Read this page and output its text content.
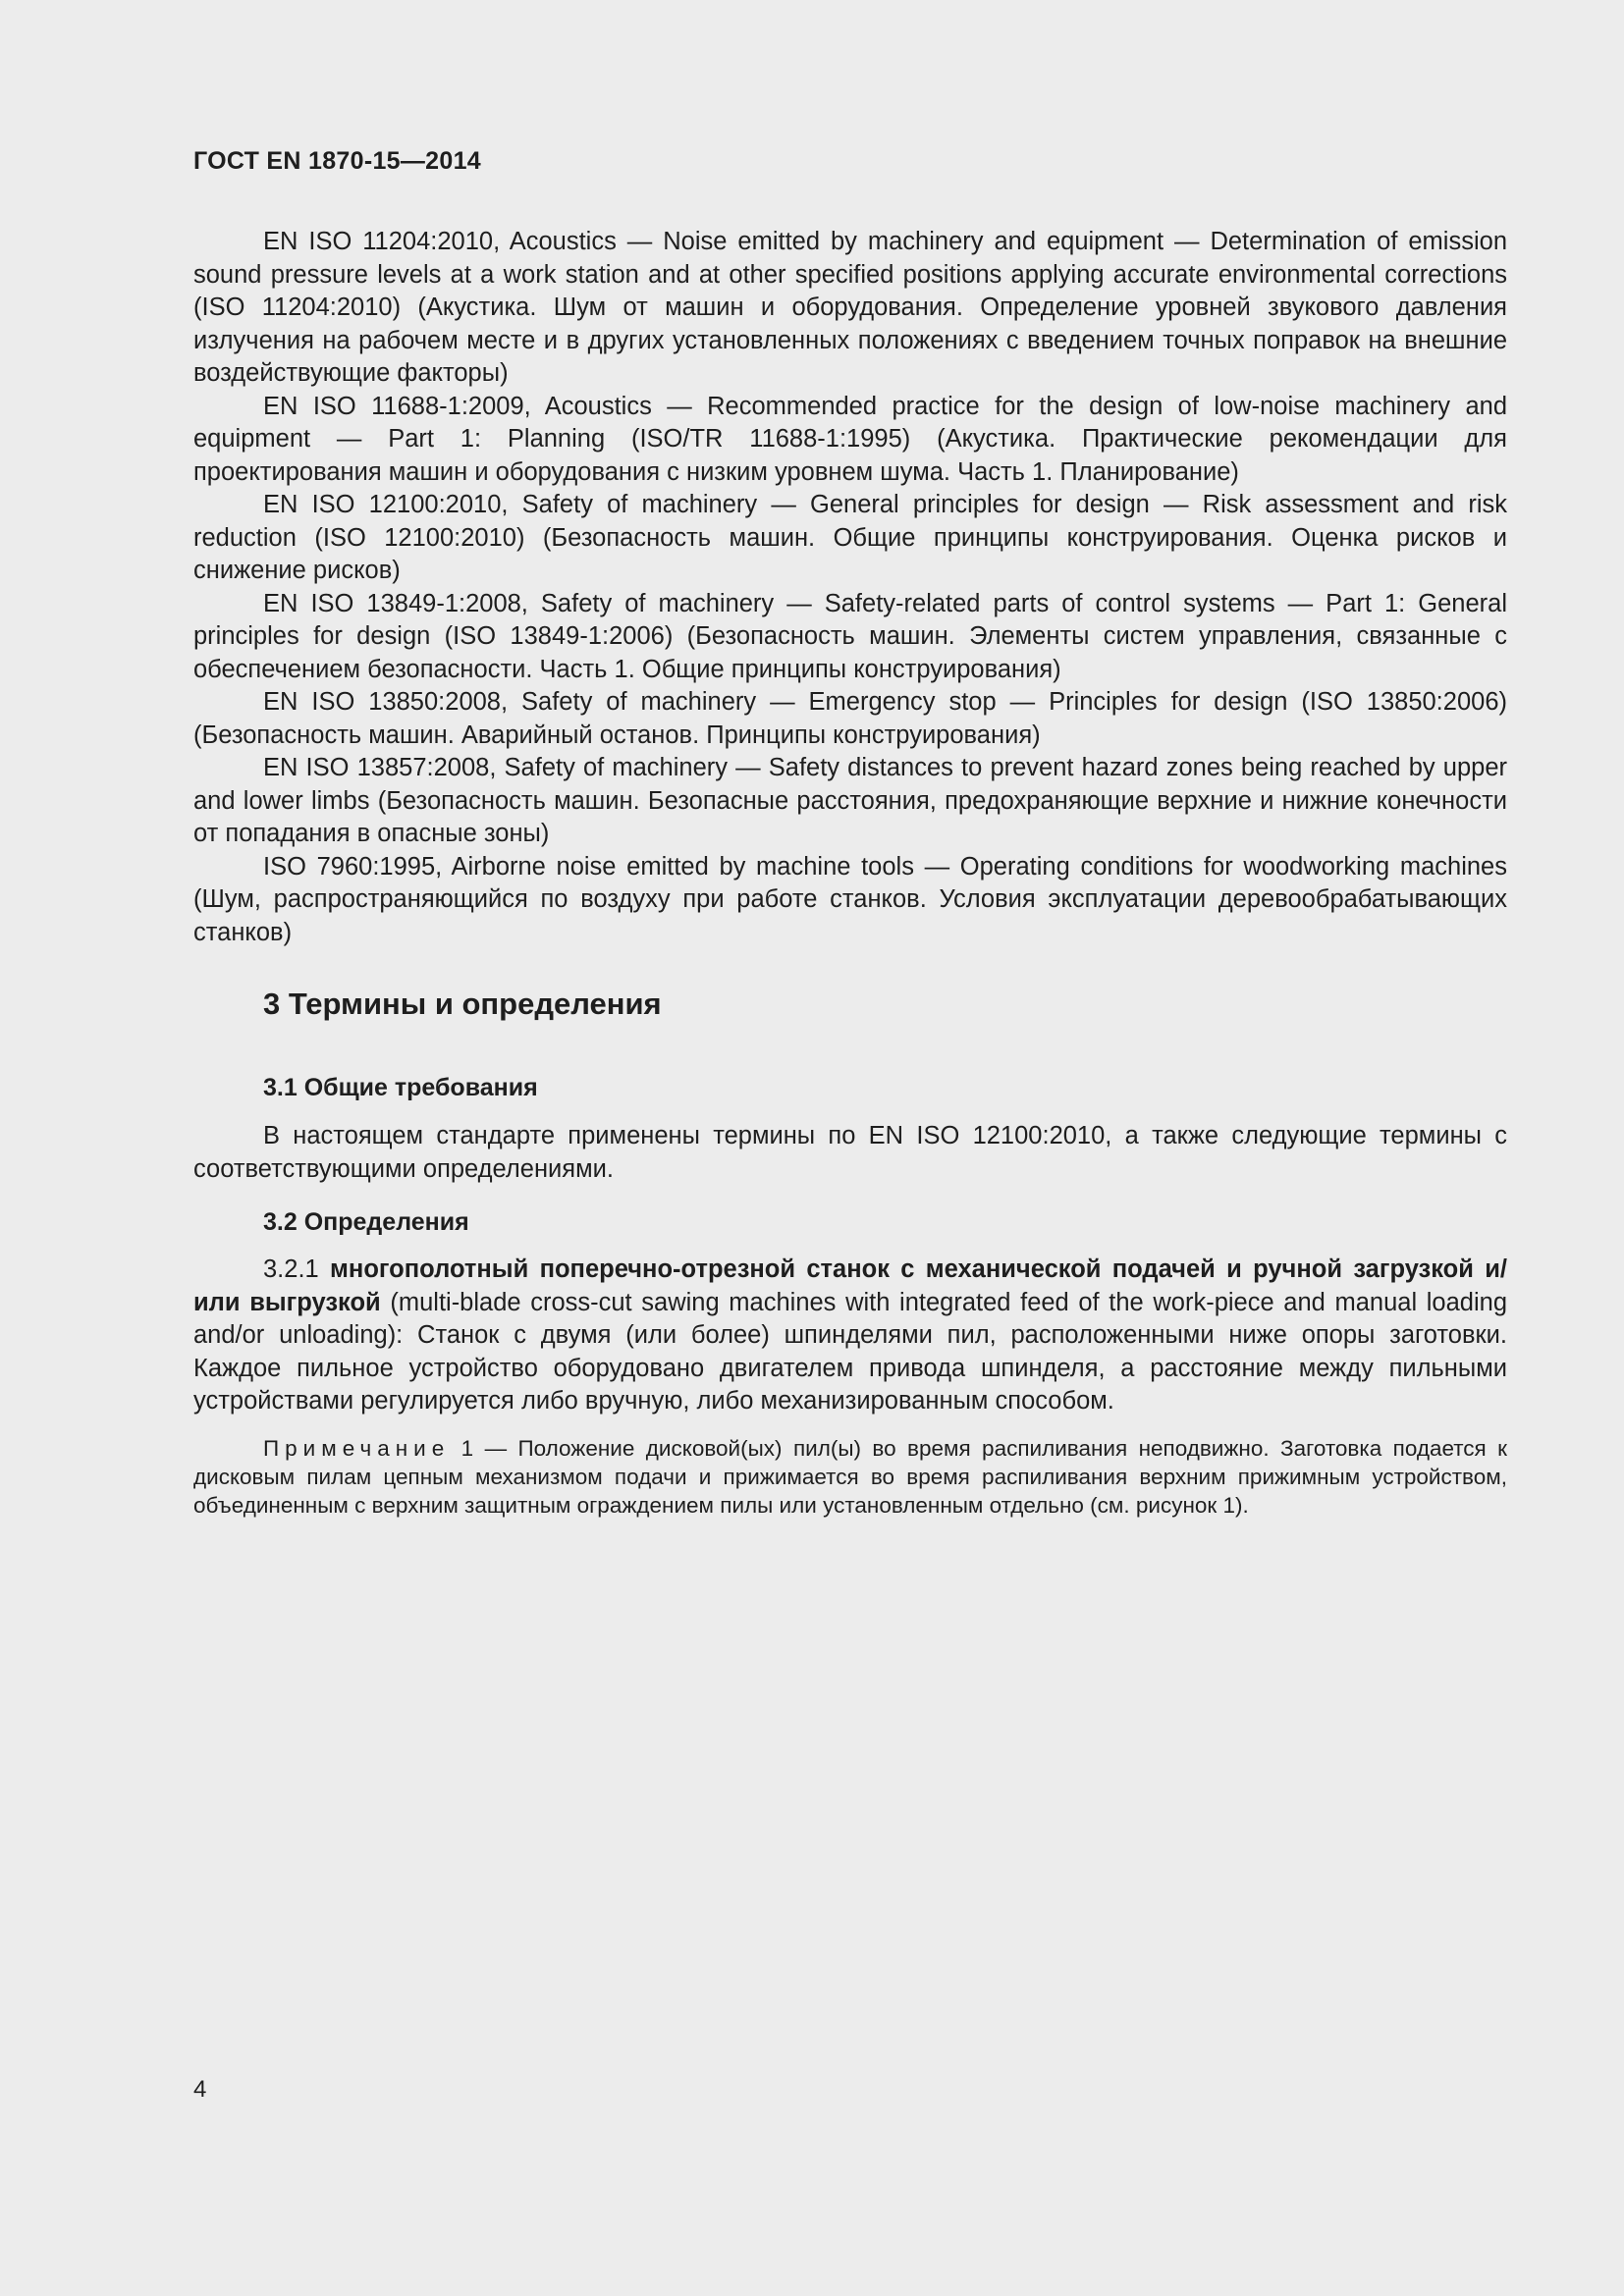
ГОСТ EN 1870-15—2014

EN ISO 11204:2010, Acoustics — Noise emitted by machinery and equipment — Determination of emission sound pressure levels at a work station and at other specified positions applying accurate environmental corrections (ISO 11204:2010) (Акустика. Шум от машин и оборудования. Определение уровней звукового давления излучения на рабочем месте и в других установленных положениях с введением точных поправок на внешние воздействующие факторы)

EN ISO 11688-1:2009, Acoustics — Recommended practice for the design of low-noise machinery and equipment — Part 1: Planning (ISO/TR 11688-1:1995) (Акустика. Практические рекомендации для проектирования машин и оборудования с низким уровнем шума. Часть 1. Планирование)

EN ISO 12100:2010, Safety of machinery — General principles for design — Risk assessment and risk reduction (ISO 12100:2010) (Безопасность машин. Общие принципы конструирования. Оценка рисков и снижение рисков)

EN ISO 13849-1:2008, Safety of machinery — Safety-related parts of control systems — Part 1: General principles for design (ISO 13849-1:2006) (Безопасность машин. Элементы систем управления, связанные с обеспечением безопасности. Часть 1. Общие принципы конструирования)

EN ISO 13850:2008, Safety of machinery — Emergency stop — Principles for design (ISO 13850:2006) (Безопасность машин. Аварийный останов. Принципы конструирования)

EN ISO 13857:2008, Safety of machinery — Safety distances to prevent hazard zones being reached by upper and lower limbs (Безопасность машин. Безопасные расстояния, предохраняющие верхние и нижние конечности от попадания в опасные зоны)

ISO 7960:1995, Airborne noise emitted by machine tools — Operating conditions for woodworking machines (Шум, распространяющийся по воздуху при работе станков. Условия эксплуатации деревообрабатывающих станков)

3 Термины и определения
3.1 Общие требования

В настоящем стандарте применены термины по EN ISO 12100:2010, а также следующие термины с соответствующими определениями.

3.2 Определения

3.2.1 многополотный поперечно-отрезной станок с механической подачей и ручной загрузкой и/или выгрузкой (multi-blade cross-cut sawing machines with integrated feed of the work-piece and manual loading and/or unloading): Станок с двумя (или более) шпинделями пил, расположенными ниже опоры заготовки. Каждое пильное устройство оборудовано двигателем привода шпинделя, а расстояние между пильными устройствами регулируется либо вручную, либо механизированным способом.

Примечание 1 — Положение дисковой(ых) пил(ы) во время распиливания неподвижно. Заготовка подается к дисковым пилам цепным механизмом подачи и прижимается во время распиливания верхним прижимным устройством, объединенным с верхним защитным ограждением пилы или установленным отдельно (см. рисунок 1).

4
